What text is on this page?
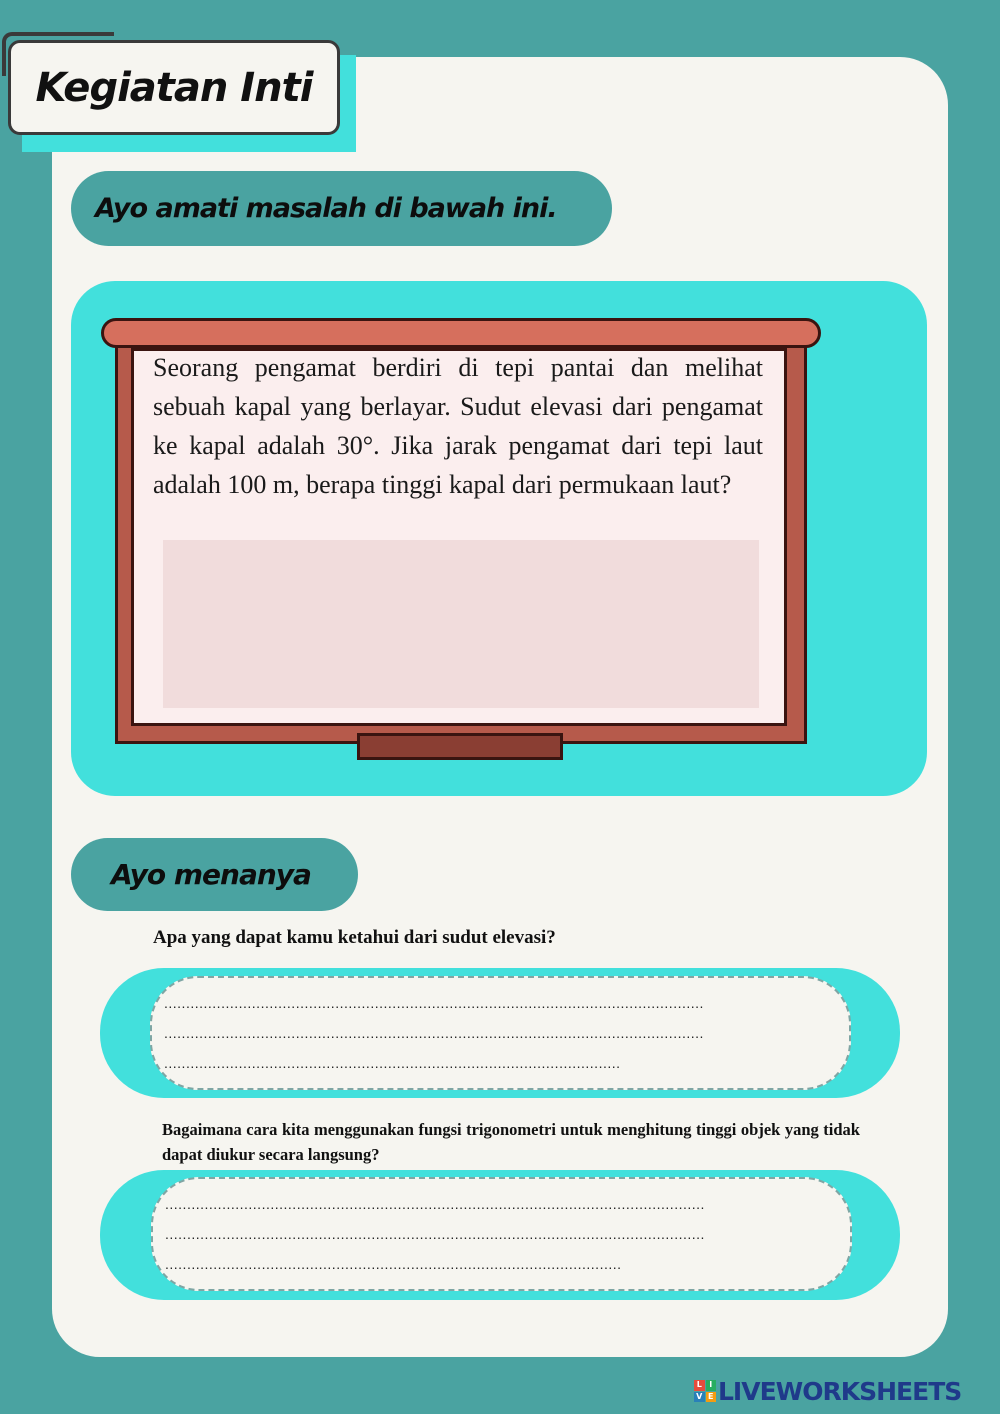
Kegiatan Inti
Ayo amati masalah di bawah ini.

Seorang pengamat berdiri di tepi pantai dan melihat sebuah kapal yang berlayar. Sudut elevasi dari pengamat ke kapal adalah 30°. Jika jarak pengamat dari tepi laut adalah 100 m, berapa tinggi kapal dari permukaan laut?

Ayo menanya

Apa yang dapat kamu ketahui dari sudut elevasi?

...........................................................................................................................
...........................................................................................................................
........................................................................................................

Bagaimana cara kita menggunakan fungsi trigonometri untuk menghitung tinggi objek yang tidak dapat diukur secara langsung?

...........................................................................................................................
...........................................................................................................................
........................................................................................................
L I
V E LIVEWORKSHEETS
